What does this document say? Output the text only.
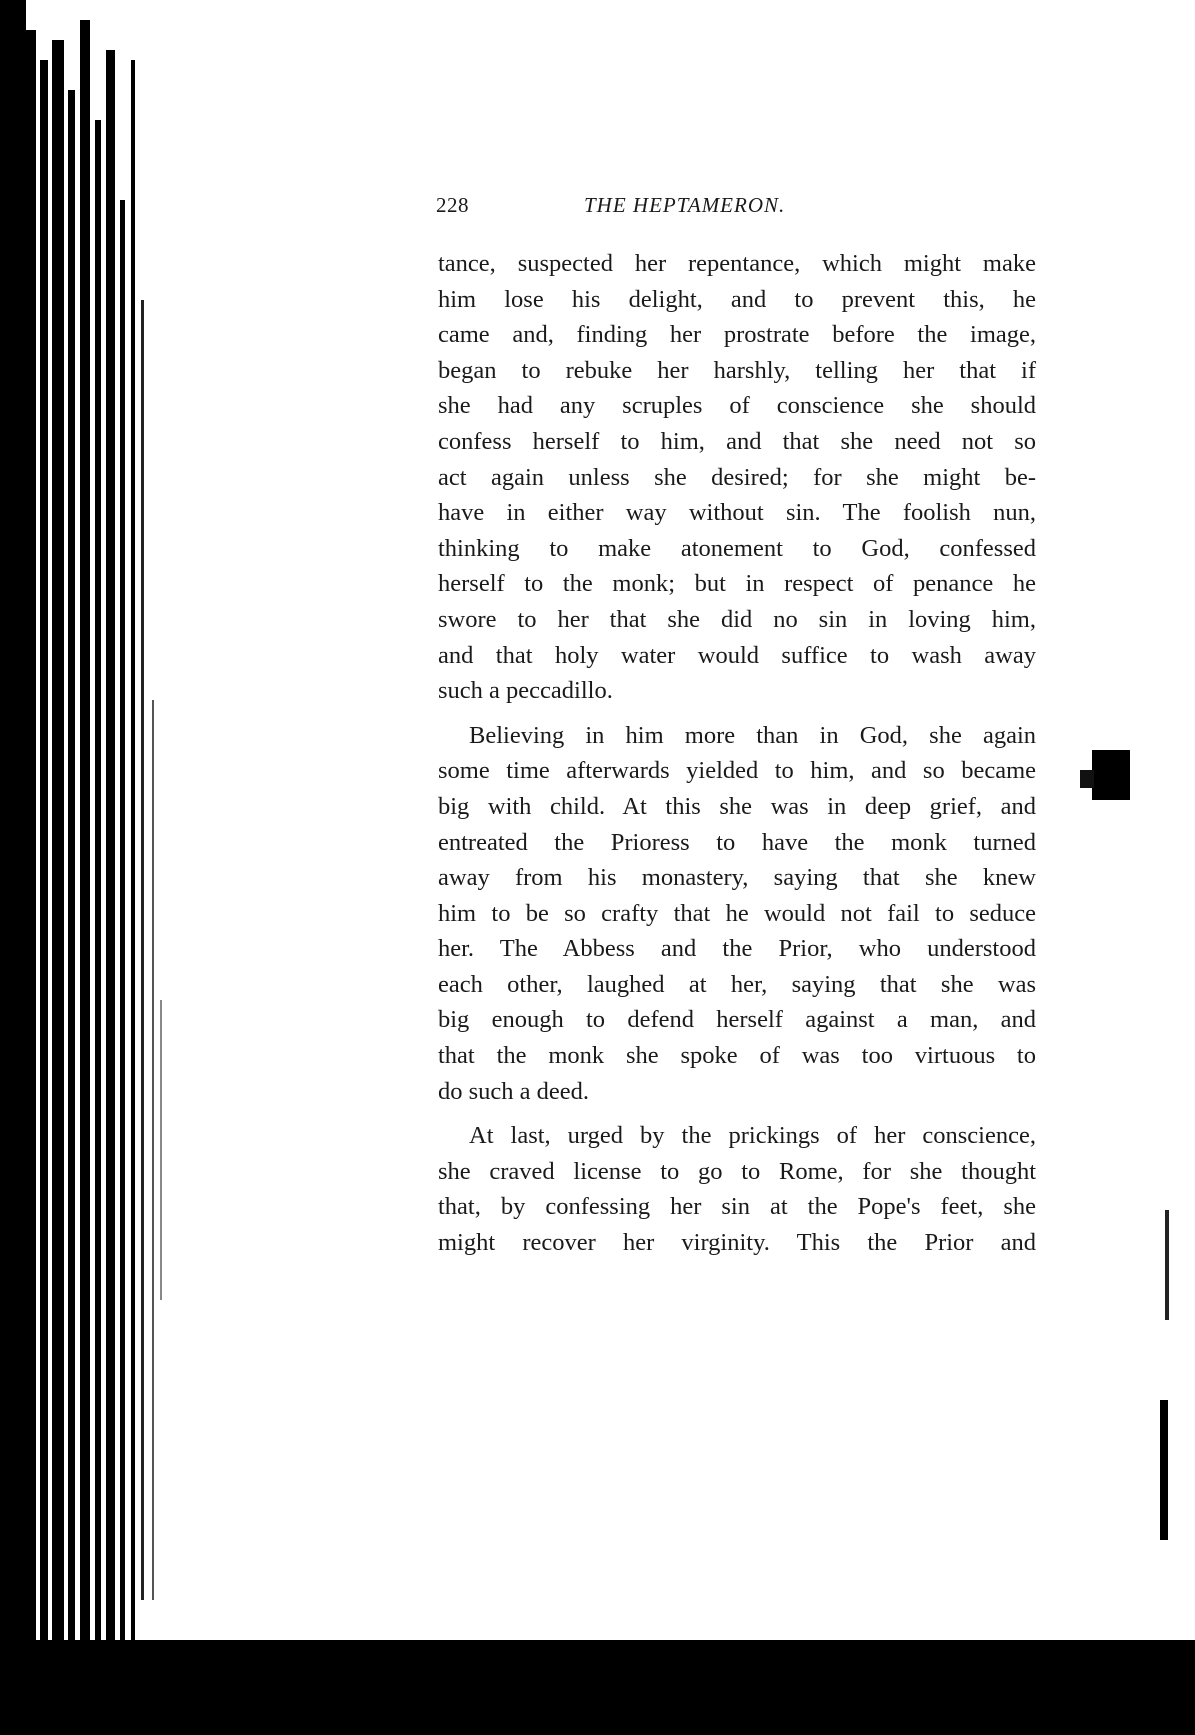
228	THE HEPTAMERON.

tance, suspected her repentance, which might make
him lose his delight, and to prevent this, he
came and, finding her prostrate before the image,
began to rebuke her harshly, telling her that if
she had any scruples of conscience she should
confess herself to him, and that she need not so
act again unless she desired; for she might be-
have in either way without sin. The foolish nun,
thinking to make atonement to God, confessed
herself to the monk; but in respect of penance he
swore to her that she did no sin in loving him,
and that holy water would suffice to wash away
such a peccadillo.

Believing in him more than in God, she again
some time afterwards yielded to him, and so became
big with child. At this she was in deep grief, and
entreated the Prioress to have the monk turned
away from his monastery, saying that she knew
him to be so crafty that he would not fail to seduce
her. The Abbess and the Prior, who understood
each other, laughed at her, saying that she was
big enough to defend herself against a man, and
that the monk she spoke of was too virtuous to
do such a deed.

At last, urged by the prickings of her conscience,
she craved license to go to Rome, for she thought
that, by confessing her sin at the Pope's feet, she
might recover her virginity. This the Prior and
